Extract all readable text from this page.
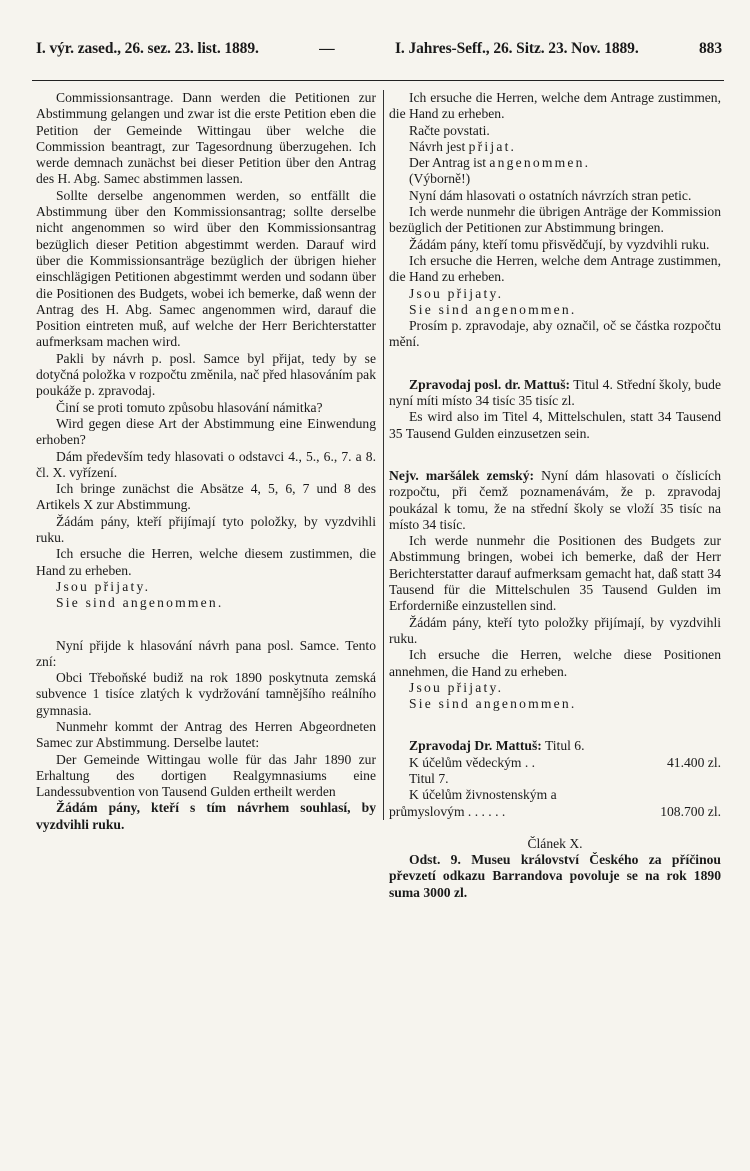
I. výr. zased., 26. sez. 23. list. 1889.	—	I. Jahres-Seff., 26. Sitz. 23. Nov. 1889.	883

Commissionsantrage. Dann werden die Petitionen zur Abstimmung gelangen und zwar ist die erste Petition eben die Petition der Gemeinde Wittingau über welche die Commission beantragt, zur Tagesordnung überzugehen. Ich werde demnach zunächst bei dieser Petition über den Antrag des H. Abg. Samec abstimmen lassen.

Sollte derselbe angenommen werden, so entfällt die Abstimmung über den Kommissionsantrag; sollte derselbe nicht angenommen so wird über den Kommissionsantrag bezüglich dieser Petition abgestimmt werden. Darauf wird über die Kommissionsanträge bezüglich der übrigen hieher einschlägigen Petitionen abgestimmt werden und sodann über die Positionen des Budgets, wobei ich bemerke, daß wenn der Antrag des H. Abg. Samec angenommen wird, darauf die Position eintreten muß, auf welche der Herr Berichterstatter aufmerksam machen wird.

Pakli by návrh p. posl. Samce byl přijat, tedy by se dotyčná položka v rozpočtu změnila, nač před hlasováním pak poukáže p. zpravodaj.

Činí se proti tomuto způsobu hlasování námitka?

Wird gegen diese Art der Abstimmung eine Einwendung erhoben?

Dám především tedy hlasovati o odstavci 4., 5., 6., 7. a 8. čl. X. vyřízení.

Ich bringe zunächst die Absätze 4, 5, 6, 7 und 8 des Artikels X zur Abstimmung.

Žádám pány, kteří přijímají tyto položky, by vyzdvihli ruku.

Ich ersuche die Herren, welche diesem zustimmen, die Hand zu erheben.

Jsou přijaty.

Sie sind angenommen.

Nyní přijde k hlasování návrh pana posl. Samce. Tento zní:

Obci Třeboňské budiž na rok 1890 poskytnuta zemská subvence 1 tisíce zlatých k vydržování tamnějšího reálního gymnasia.

Nunmehr kommt der Antrag des Herren Abgeordneten Samec zur Abstimmung. Derselbe lautet:

Der Gemeinde Wittingau wolle für das Jahr 1890 zur Erhaltung des dortigen Realgymnasiums eine Landessubvention von Tausend Gulden ertheilt werden

Žádám pány, kteří s tím návrhem souhlasí, by vyzdvihli ruku.

Ich ersuche die Herren, welche dem Antrage zustimmen, die Hand zu erheben.

Račte povstati.

Návrh jest přijat.

Der Antrag ist angenommen.

(Výborně!)

Nyní dám hlasovati o ostatních návrzích stran petic.

Ich werde nunmehr die übrigen Anträge der Kommission bezüglich der Petitionen zur Abstimmung bringen.

Žádám pány, kteří tomu přisvědčují, by vyzdvihli ruku.

Ich ersuche die Herren, welche dem Antrage zustimmen, die Hand zu erheben.

Jsou přijaty.

Sie sind angenommen.

Prosím p. zpravodaje, aby označil, oč se částka rozpočtu mění.

Zpravodaj posl. dr. Mattuš: Titul 4. Střední školy, bude nyní míti místo 34 tisíc 35 tisíc zl.

Es wird also im Titel 4, Mittelschulen, statt 34 Tausend 35 Tausend Gulden einzusetzen sein.

Nejv. maršálek zemský: Nyní dám hlasovati o číslicích rozpočtu, při čemž poznamenávám, že p. zpravodaj poukázal k tomu, že na střední školy se vloží 35 tisíc na místo 34 tisíc.

Ich werde nunmehr die Positionen des Budgets zur Abstimmung bringen, wobei ich bemerke, daß der Herr Berichterstatter darauf aufmerksam gemacht hat, daß statt 34 Tausend für die Mittelschulen 35 Tausend Gulden im Erforderniße einzustellen sind.

Žádám pány, kteří tyto položky přijímají, by vyzdvihli ruku.

Ich ersuche die Herren, welche diese Positionen annehmen, die Hand zu erheben.

Jsou přijaty.

Sie sind angenommen.

Zpravodaj Dr. Mattuš: Titul 6.

K účelům vědeckým . .	41.400 zl.

Titul 7.

K účelům živnostenským a

průmyslovým . . . . . .	108.700 zl.

Článek X.

Odst. 9. Museu království Českého za příčinou převzetí odkazu Barrandova povoluje se na rok 1890 suma 3000 zl.
